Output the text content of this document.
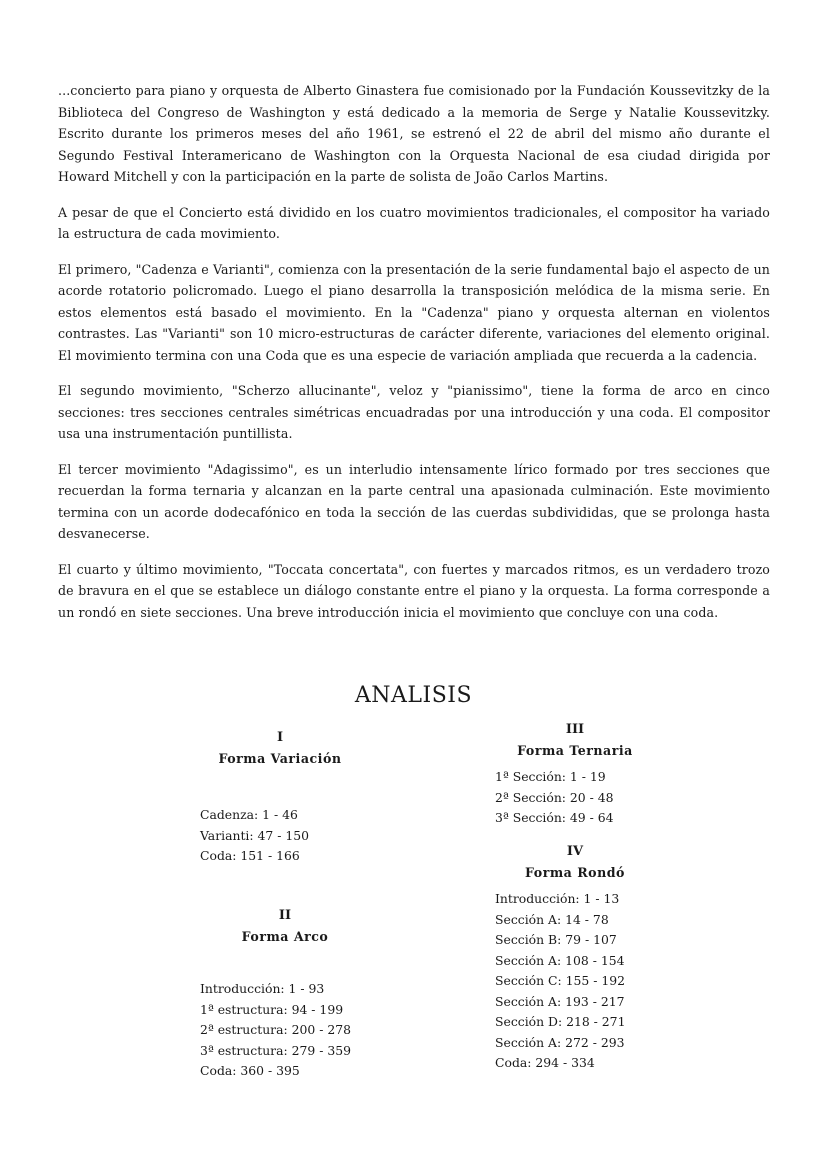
...concierto para piano y orquesta de Alberto Ginastera fue comisionado por la Fundación Koussevitzky de la Biblioteca del Congreso de Washington y está dedicado a la memoria de Serge y Natalie Koussevitzky. Escrito durante los primeros meses del año 1961, se estrenó el 22 de abril del mismo año durante el Segundo Festival Interamericano de Washington con la Orquesta Nacional de esa ciudad dirigida por Howard Mitchell y con la participación en la parte de solista de João Carlos Martins.

A pesar de que el Concierto está dividido en los cuatro movimientos tradicionales, el compositor ha variado la estructura de cada movimiento.

El primero, "Cadenza e Varianti", comienza con la presentación de la serie fundamental bajo el aspecto de un acorde rotatorio policromado. Luego el piano desarrolla la transposición melódica de la misma serie. En estos elementos está basado el movimiento. En la "Cadenza" piano y orquesta alternan en violentos contrastes. Las "Varianti" son 10 micro-estructuras de carácter diferente, variaciones del elemento original. El movimiento termina con una Coda que es una especie de variación ampliada que recuerda a la cadencia.

El segundo movimiento, "Scherzo allucinante", veloz y "pianissimo", tiene la forma de arco en cinco secciones: tres secciones centrales simétricas encuadradas por una introducción y una coda. El compositor usa una instrumentación puntillista.

El tercer movimiento "Adagissimo", es un interludio intensamente lírico formado por tres secciones que recuerdan la forma ternaria y alcanzan en la parte central una apasionada culminación. Este movimiento termina con un acorde dodecafónico en toda la sección de las cuerdas subdivididas, que se prolonga hasta desvanecerse.

El cuarto y último movimiento, "Toccata concertata", con fuertes y marcados ritmos, es un verdadero trozo de bravura en el que se establece un diálogo constante entre el piano y la orquesta. La forma corresponde a un rondó en siete secciones. Una breve introducción inicia el movimiento que concluye con una coda.

ANALISIS
I
Forma Variación
Cadenza: 1 - 46
Varianti: 47 - 150
Coda: 151 - 166
II
Forma Arco
Introducción: 1 - 93
1ª estructura: 94 - 199
2ª estructura: 200 - 278
3ª estructura: 279 - 359
Coda: 360 - 395
III
Forma Ternaria
1ª Sección: 1 - 19
2ª Sección: 20 - 48
3ª Sección: 49 - 64
IV
Forma Rondó
Introducción: 1 - 13
Sección A: 14 - 78
Sección B: 79 - 107
Sección A: 108 - 154
Sección C: 155 - 192
Sección A: 193 - 217
Sección D: 218 - 271
Sección A: 272 - 293
Coda: 294 - 334
